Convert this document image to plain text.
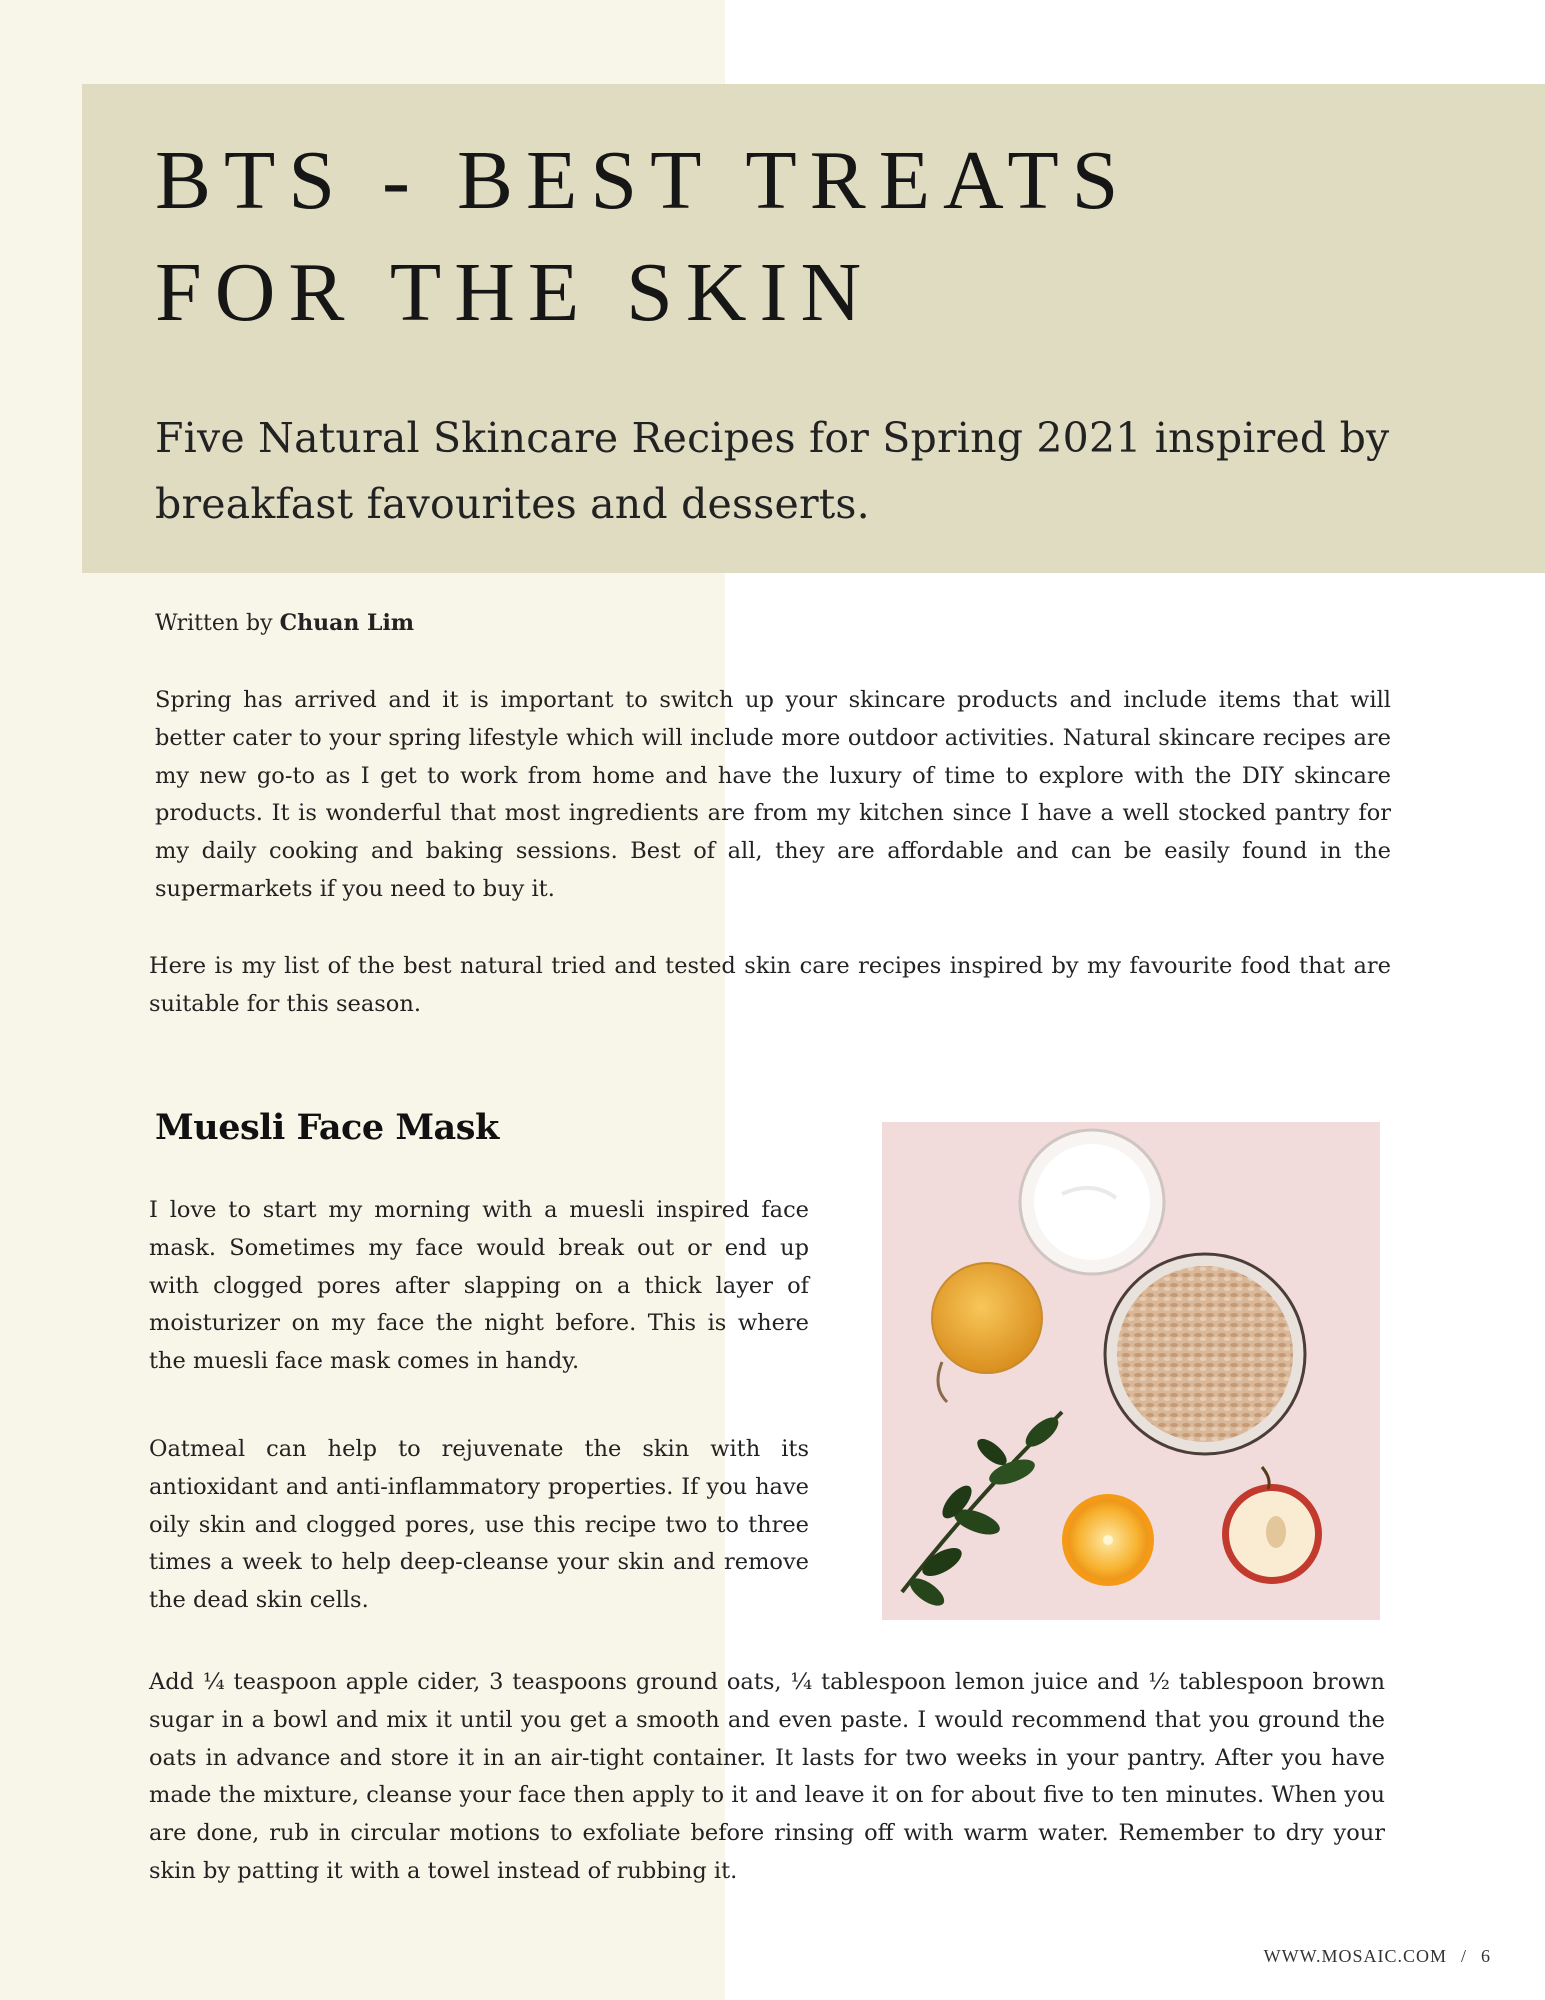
BTS - BEST TREATS
FOR THE SKIN
Five Natural Skincare Recipes for Spring 2021 inspired by breakfast favourites and desserts.
Written by Chuan Lim

Spring has arrived and it is important to switch up your skincare products and include items that will better cater to your spring lifestyle which will include more outdoor activities. Natural skincare recipes are my new go-to as I get to work from home and have the luxury of time to explore with the DIY skincare products. It is wonderful that most ingredients are from my kitchen since I have a well stocked pantry for my daily cooking and baking sessions. Best of all, they are affordable and can be easily found in the supermarkets if you need to buy it.

Here is my list of the best natural tried and tested skin care recipes inspired by my favourite food that are suitable for this season.

Muesli Face Mask

I love to start my morning with a muesli inspired face mask. Sometimes my face would break out or end up with clogged pores after slapping on a thick layer of moisturizer on my face the night before. This is where the muesli face mask comes in handy.

Oatmeal can help to rejuvenate the skin with its antioxidant and anti-inflammatory properties. If you have oily skin and clogged pores, use this recipe two to three times a week to help deep-cleanse your skin and remove the dead skin cells.

Add ¼ teaspoon apple cider, 3 teaspoons ground oats, ¼ tablespoon lemon juice and ½ tablespoon brown sugar in a bowl and mix it until you get a smooth and even paste. I would recommend that you ground the oats in advance and store it in an air-tight container. It lasts for two weeks in your pantry. After you have made the mixture, cleanse your face then apply to it and leave it on for about five to ten minutes. When you are done, rub in circular motions to exfoliate before rinsing off with warm water. Remember to dry your skin by patting it with a towel instead of rubbing it.

WWW.MOSAIC.COM / 6
